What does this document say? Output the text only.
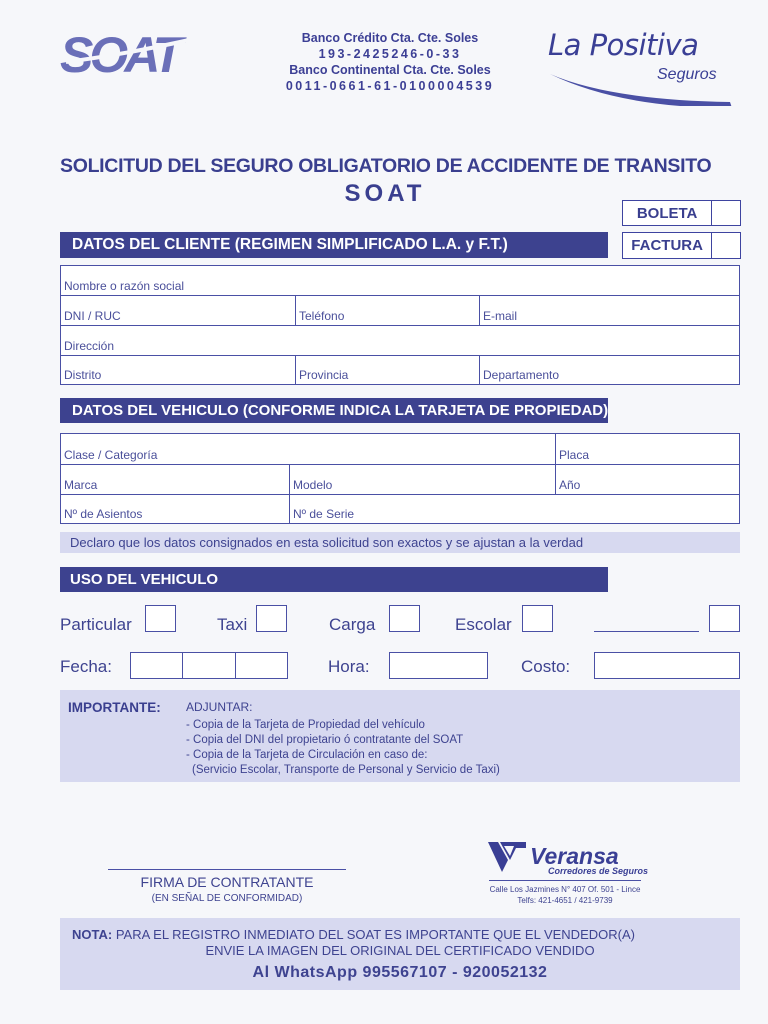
SOAT	Banco Crédito Cta. Cte. Soles
193-2425246-0-33
Banco Continental Cta. Cte. Soles
0011-0661-61-0100004539
La Positiva
Seguros
SOLICITUD DEL SEGURO OBLIGATORIO DE ACCIDENTE DE TRANSITO
SOAT
BOLETA
FACTURA
DATOS DEL CLIENTE (REGIMEN SIMPLIFICADO L.A. y F.T.)
Nombre o razón social
DNI / RUC	Teléfono	E-mail
Dirección
Distrito	Provincia	Departamento
DATOS DEL VEHICULO (CONFORME INDICA LA TARJETA DE PROPIEDAD)
Clase / Categoría	Placa
Marca	Modelo	Año
Nº de Asientos	Nº de Serie
Declaro que los datos consignados en esta solicitud son exactos y se ajustan a la verdad
USO DEL VEHICULO
Particular	Taxi	Carga	Escolar
Fecha:	Hora:	Costo:
IMPORTANTE: ADJUNTAR:
- Copia de la Tarjeta de Propiedad del vehículo
- Copia del DNI del propietario ó contratante del SOAT
- Copia de la Tarjeta de Circulación en caso de:
(Servicio Escolar, Transporte de Personal y Servicio de Taxi)
FIRMA DE CONTRATANTE
(EN SEÑAL DE CONFORMIDAD)
Veransa
Corredores de Seguros
Calle Los Jazmines N° 407 Of. 501 - Lince
Telfs: 421-4651 / 421-9739
NOTA: PARA EL REGISTRO INMEDIATO DEL SOAT ES IMPORTANTE QUE EL VENDEDOR(A)
ENVIE LA IMAGEN DEL ORIGINAL DEL CERTIFICADO VENDIDO
Al WhatsApp 995567107 - 920052132
